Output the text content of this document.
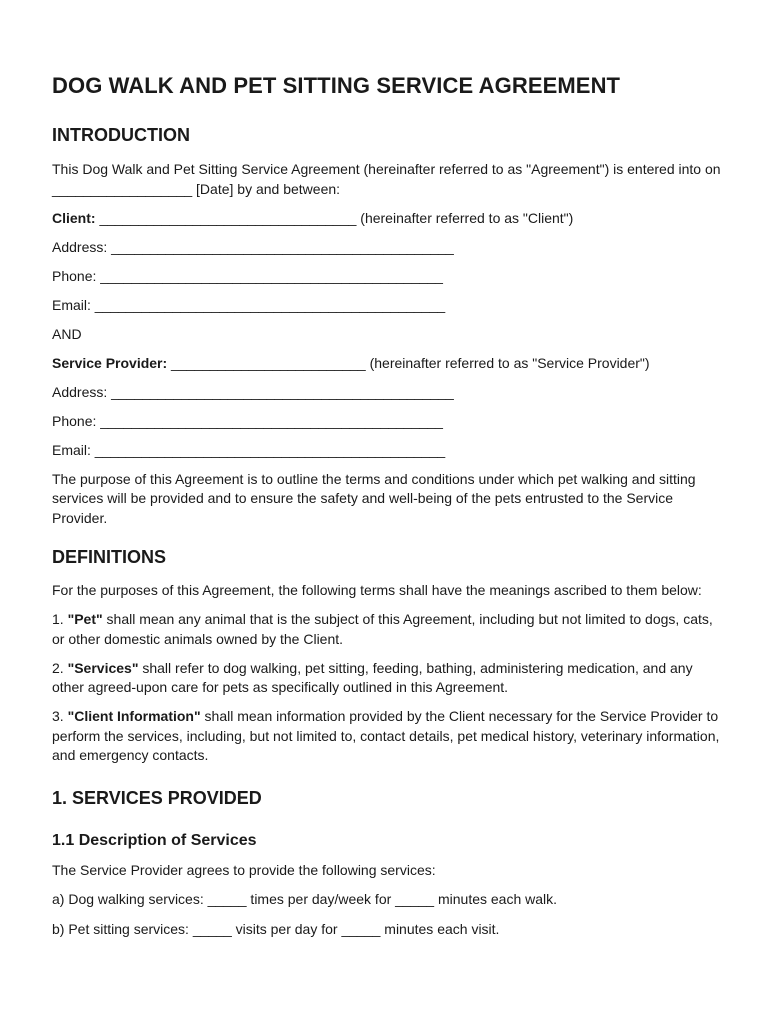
DOG WALK AND PET SITTING SERVICE AGREEMENT
INTRODUCTION

This Dog Walk and Pet Sitting Service Agreement (hereinafter referred to as "Agreement") is entered into on __________________ [Date] by and between:

Client: _________________________________ (hereinafter referred to as "Client")

Address: ____________________________________________

Phone: ____________________________________________

Email: _____________________________________________

AND

Service Provider: _________________________ (hereinafter referred to as "Service Provider")

Address: ____________________________________________

Phone: ____________________________________________

Email: _____________________________________________

The purpose of this Agreement is to outline the terms and conditions under which pet walking and sitting services will be provided and to ensure the safety and well-being of the pets entrusted to the Service Provider.

DEFINITIONS

For the purposes of this Agreement, the following terms shall have the meanings ascribed to them below:

1. "Pet" shall mean any animal that is the subject of this Agreement, including but not limited to dogs, cats, or other domestic animals owned by the Client.

2. "Services" shall refer to dog walking, pet sitting, feeding, bathing, administering medication, and any other agreed-upon care for pets as specifically outlined in this Agreement.

3. "Client Information" shall mean information provided by the Client necessary for the Service Provider to perform the services, including, but not limited to, contact details, pet medical history, veterinary information, and emergency contacts.

1. SERVICES PROVIDED
1.1 Description of Services

The Service Provider agrees to provide the following services:

a) Dog walking services: _____ times per day/week for _____ minutes each walk.

b) Pet sitting services: _____ visits per day for _____ minutes each visit.
